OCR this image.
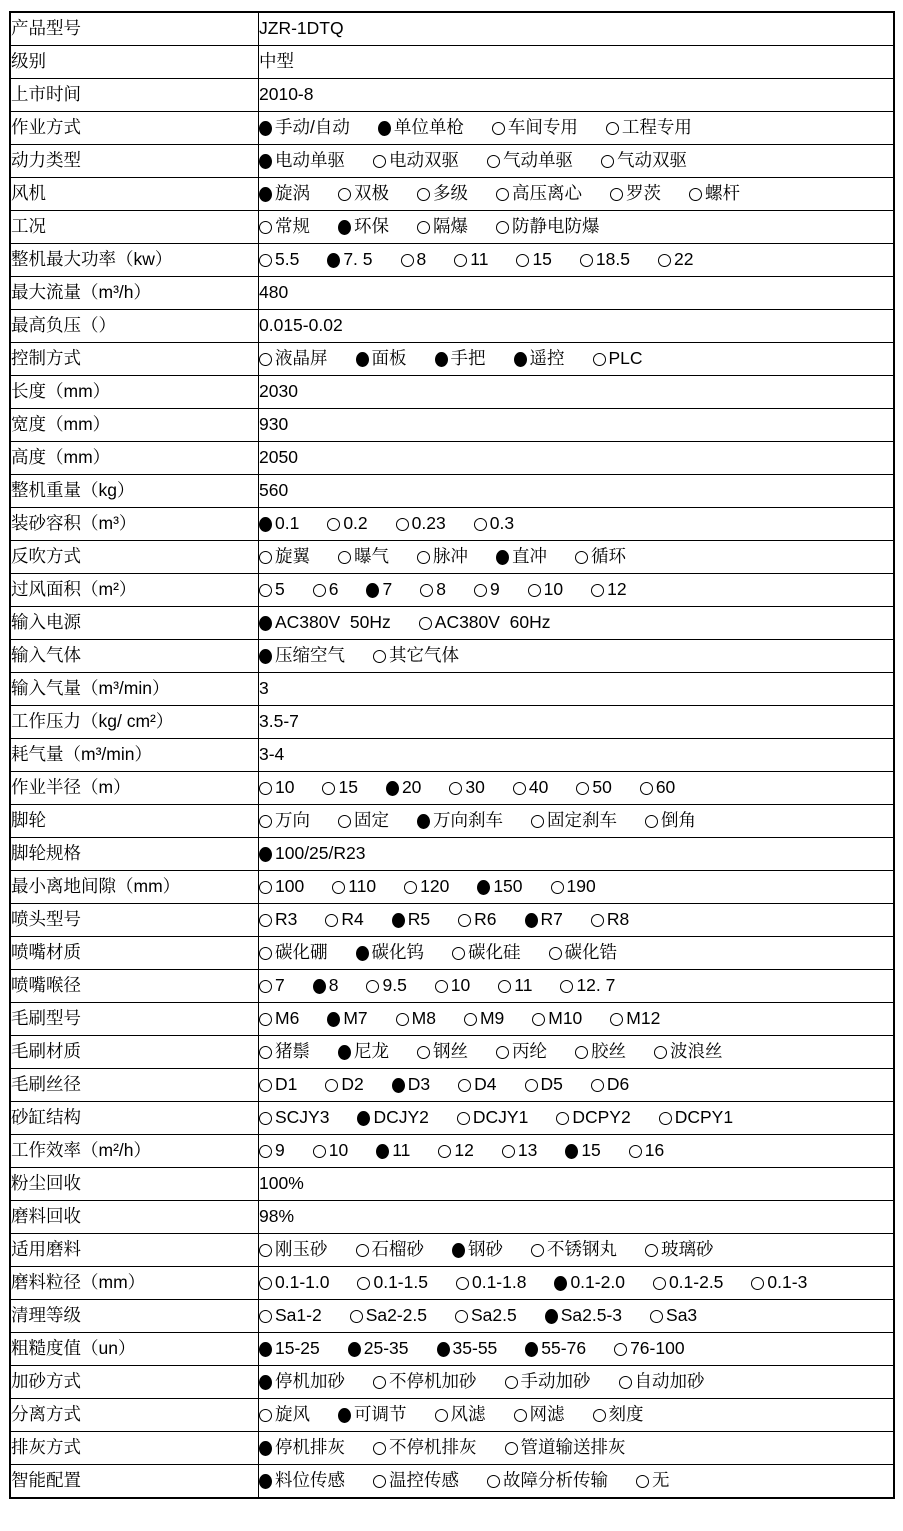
产品型号	JZR-1DTQ

级别	中型

上市时间	2010-8

作业方式	手动/自动 单位单枪 车间专用 工程专用

动力类型	电动单驱 电动双驱 气动单驱 气动双驱

风机	旋涡	双极	多级	高压离心	罗茨	螺杆

工况	常规 环保 隔爆 防静电防爆

整机最大功率（kw）	5.5	7. 5	8	11	15	18.5	22

最大流量（m³/h）	480

最高负压（）	0.015-0.02

控制方式	液晶屏 面板 手把 遥控 PLC

长度（mm）	2030

宽度（mm）	930

高度（mm）	2050

整机重量（kg）	560

装砂容积（m³）	0.1 0.2 0.23 0.3

反吹方式	旋翼 曝气 脉冲 直冲 循环

过风面积（m²）	5	6	7	8	9	10	12

输入电源	AC380V  50Hz AC380V  60Hz

输入气体	压缩空气 其它气体

输入气量（m³/min）	3

工作压力（kg/ cm²）	3.5-7

耗气量（m³/min）	3-4

作业半径（m）	10	15	20	30	40	50	60

脚轮	万向 固定 万向刹车 固定刹车 倒角

脚轮规格	100/25/R23

最小离地间隙（mm）	100 110 120 150 190

喷头型号	R3	R4	R5	R6	R7	R8

喷嘴材质	碳化硼 碳化钨 碳化硅 碳化锆

喷嘴喉径	7	8	9.5	10	11	12. 7

毛刷型号	M6	M7	M8	M9	M10	M12

毛刷材质	猪鬃	尼龙	钢丝	丙纶	胶丝	波浪丝

毛刷丝径	D1	D2	D3	D4	D5	D6

砂缸结构	SCJY3 DCJY2 DCJY1 DCPY2 DCPY1

工作效率（m²/h）	9	10	11	12	13	15	16

粉尘回收	100%

磨料回收	98%

适用磨料	刚玉砂 石榴砂 钢砂 不锈钢丸 玻璃砂

磨料粒径（mm）	0.1-1.0	0.1-1.5	0.1-1.8	0.1-2.0	0.1-2.5	0.1-3

清理等级	Sa1-2 Sa2-2.5 Sa2.5 Sa2.5-3 Sa3

粗糙度值（un）	15-25 25-35 35-55 55-76 76-100

加砂方式	停机加砂 不停机加砂 手动加砂 自动加砂

分离方式	旋风 可调节 风滤 网滤 刻度

排灰方式	停机排灰 不停机排灰 管道输送排灰

智能配置	料位传感 温控传感 故障分析传输 无
